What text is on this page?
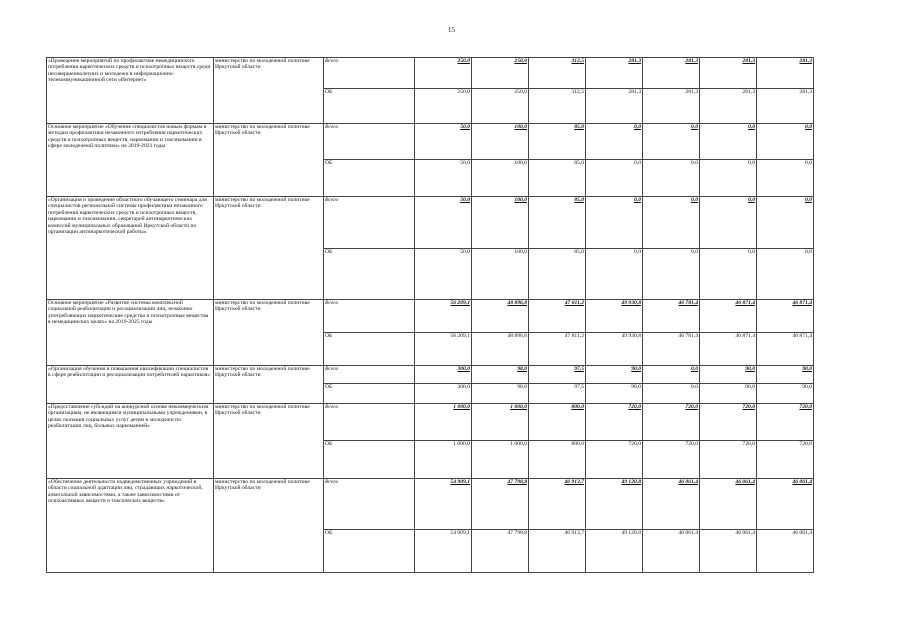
15
«Проведение мероприятий по профилактике немедицинского потребления наркотических средств и психотропных веществ среди несовершеннолетних и молодежи в информационно-телекоммуникационной сети «Интернет»	министерство по молодежной политике Иркутской области	Всего	250,0	250,0	312,5	281,3	281,3	281,3	281,3
		ОБ	250,0	250,0	312,5	281,3	281,3	281,3	281,3
Основное мероприятие «Обучение специалистов новым формам и методам профилактики незаконного потребления наркотических средств и психотропных веществ, наркомании и токсикомании в сфере молодежной политики» на 2019-2021 годы	министерство по молодежной политике Иркутской области	Всего	50,0	100,0	85,0	0,0	0,0	0,0	0,0
		ОБ	50,0	100,0	85,0	0,0	0,0	0,0	0,0
«Организация и проведение областного обучающего семинара для специалистов региональной системы профилактики незаконного потребления наркотических средств и психотропных веществ, наркомании и токсикомании, секретарей антинаркотических комиссий муниципальных образований Иркутской области по организации антинаркотической работы»	министерство по молодежной политике Иркутской области	Всего	50,0	100,0	85,0	0,0	0,0	0,0	0,0
		ОБ	50,0	100,0	85,0	0,0	0,0	0,0	0,0
Основное мероприятие «Развитие системы комплексной социальной реабилитации и ресоциализации лиц, незаконно употребляющих наркотические средства и психотропные вещества в немедицинских целях» на 2019-2025 годы	министерство по молодежной политике Иркутской области	Всего	56 209,1	48 896,8	47 811,2	49 930,8	46 781,4	46 871,4	46 871,4
		ОБ	56 209,1	48 896,8	47 811,2	49 930,8	46 781,4	46 871,4	46 871,4
«Организация обучения и повышения квалификации специалистов в сфере реабилитации и ресоциализации потребителей наркотиков»	министерство по молодежной политике Иркутской области	Всего	300,0	98,0	97,5	90,0	0,0	90,0	90,0
		ОБ	300,0	98,0	97,5	90,0	0,0	90,0	90,0
«Предоставление субсидий на конкурсной основе некоммерческим организациям, не являющимся муниципальными учреждениями, в целях оказания социальных услуг детям и молодежи по реабилитации лиц, больных наркоманией»	министерство по молодежной политике Иркутской области	Всего	1 000,0	1 000,0	800,0	720,0	720,0	720,0	720,0
		ОБ	1 000,0	1 000,0	800,0	720,0	720,0	720,0	720,0
«Обеспечение деятельности подведомственных учреждений в области социальной адаптации лиц, страдающих наркотической, алкогольной зависимостями, а также зависимостями от психоактивных веществ и токсических веществ»	министерство по молодежной политике Иркутской области	Всего	54 909,1	47 798,8	46 913,7	49 120,8	46 061,4	46 061,4	46 061,4
		ОБ	54 909,1	47 798,8	46 913,7	49 120,8	46 061,4	46 061,4	46 061,4
